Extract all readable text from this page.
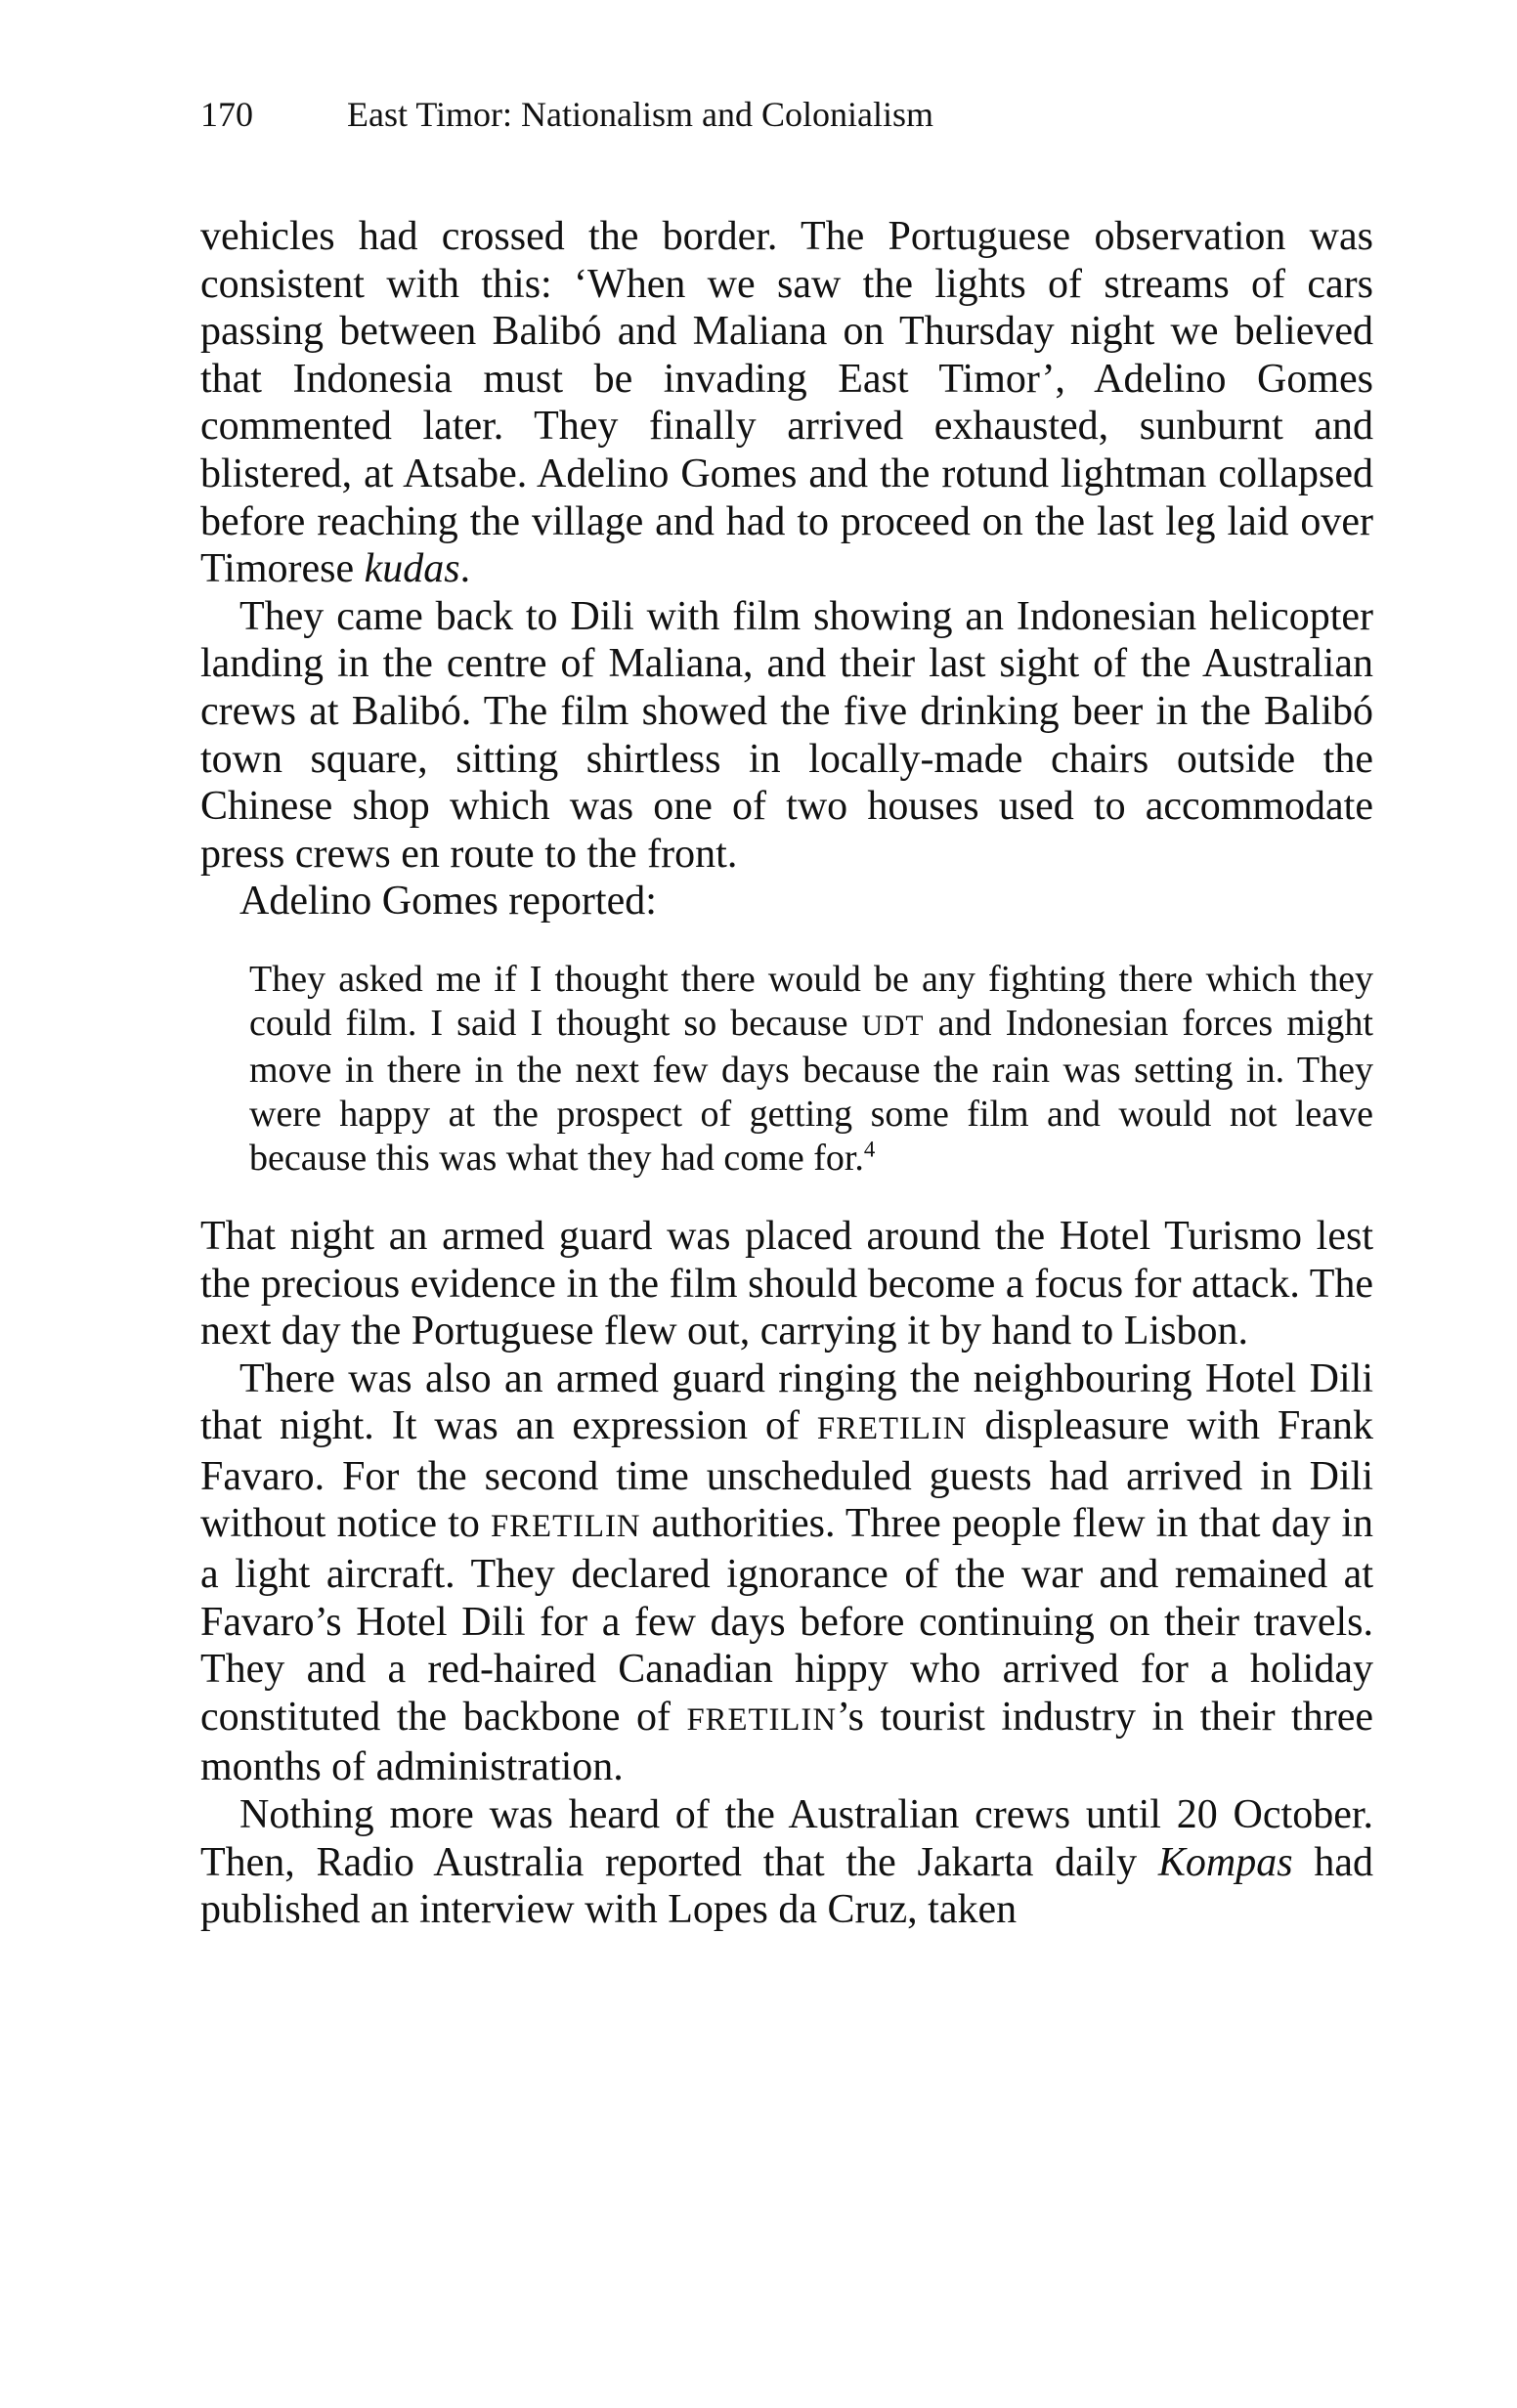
170	East Timor: Nationalism and Colonialism

vehicles had crossed the border. The Portuguese observation was consistent with this: ‘When we saw the lights of streams of cars passing between Balibó and Maliana on Thursday night we believed that Indonesia must be invading East Timor’, Adelino Gomes commented later. They finally arrived exhausted, sunburnt and blistered, at Atsabe. Adelino Gomes and the rotund lightman collapsed before reaching the village and had to proceed on the last leg laid over Timorese kudas.

They came back to Dili with film showing an Indonesian helicopter landing in the centre of Maliana, and their last sight of the Australian crews at Balibó. The film showed the five drinking beer in the Balibó town square, sitting shirtless in locally-made chairs outside the Chinese shop which was one of two houses used to accommodate press crews en route to the front.

Adelino Gomes reported:

They asked me if I thought there would be any fighting there which they could film. I said I thought so because UDT and Indonesian forces might move in there in the next few days because the rain was setting in. They were happy at the prospect of getting some film and would not leave because this was what they had come for.$^4$

That night an armed guard was placed around the Hotel Turismo lest the precious evidence in the film should become a focus for attack. The next day the Portuguese flew out, carrying it by hand to Lisbon.

There was also an armed guard ringing the neighbouring Hotel Dili that night. It was an expression of FRETILIN displeasure with Frank Favaro. For the second time unscheduled guests had arrived in Dili without notice to FRETILIN authorities. Three people flew in that day in a light aircraft. They declared ignorance of the war and remained at Favaro’s Hotel Dili for a few days before continuing on their travels. They and a red-haired Canadian hippy who arrived for a holiday constituted the backbone of FRETILIN’s tourist industry in their three months of administration.

Nothing more was heard of the Australian crews until 20 October. Then, Radio Australia reported that the Jakarta daily Kompas had published an interview with Lopes da Cruz, taken
